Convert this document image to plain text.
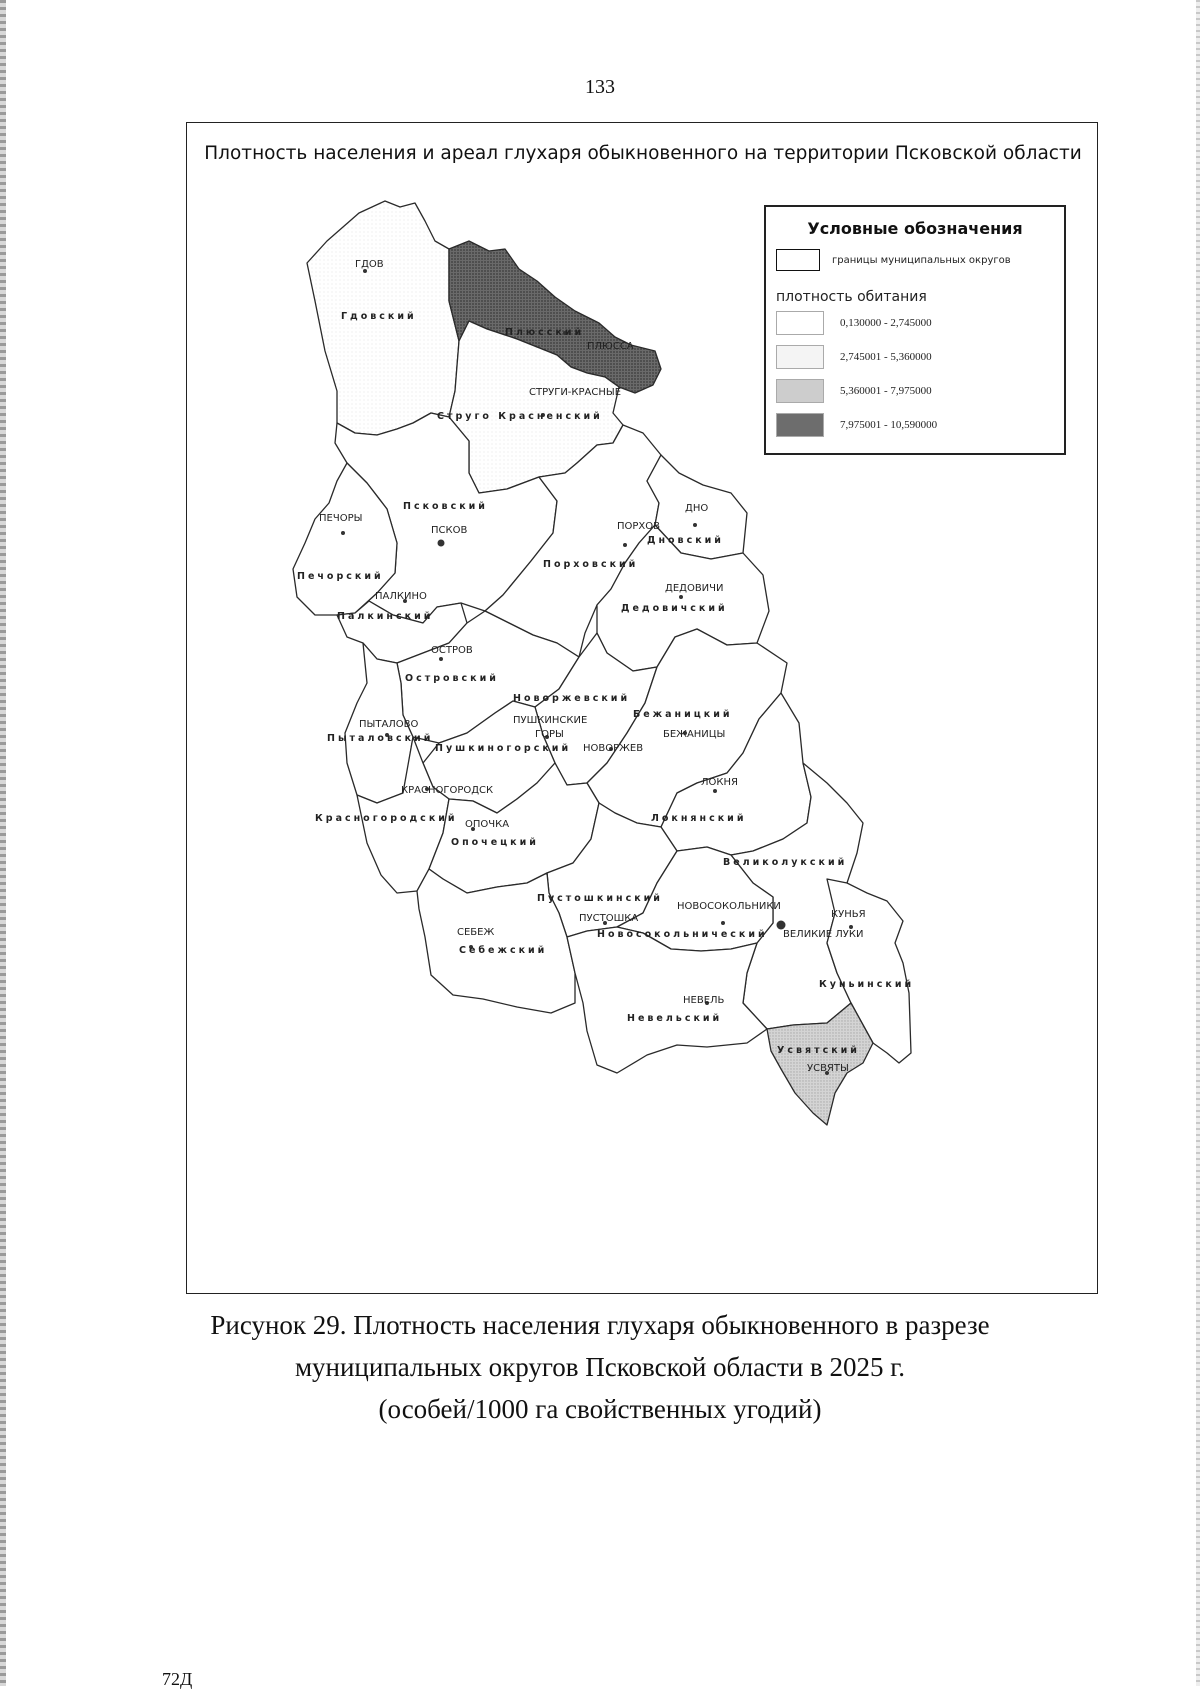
133
Плотность населения и ареал глухаря обыкновенного на территории Псковской области
ГДОВ
ПЛЮССА
СТРУГИ-КРАСНЫЕ
ПЕЧОРЫ
ПСКОВ
ПАЛКИНО
ПОРХОВ
ДНО
ДЕДОВИЧИ
ОСТРОВ
ПЫТАЛОВО	ПУШКИНСКИЕ
ГОРЫ
НОВОРЖЕВ
БЕЖАНИЦЫ
КРАСНОГОРОДСК
ЛОКНЯ
ОПОЧКА
ПУСТОШКА
НОВОСОКОЛЬНИКИ
СЕБЕЖ	ВЕЛИКИЕ ЛУКИ
КУНЬЯ
НЕВЕЛЬ
УСВЯТЫ
Гдовский
Плюсский
Струго Красненский
Псковский
Печорский
Палкинский
Порховский
Дновский
Дедовичский
Островский
Новоржевский
Бежаницкий
Пыталовский
Пушкиногорский
Красногородский
Опочецкий
Локнянский
Великолукский
Пустошкинский
Новосокольнический
Себежский
Куньинский
Невельский
Усвятский
Условные обозначения
границы муниципальных округов
плотность обитания
0,130000 - 2,745000
2,745001 - 5,360000
5,360001 - 7,975000
7,975001 - 10,590000
Рисунок 29. Плотность населения глухаря обыкновенного в разрезе
муниципальных округов Псковской области в 2025 г.
(особей/1000 га свойственных угодий)
72Д
